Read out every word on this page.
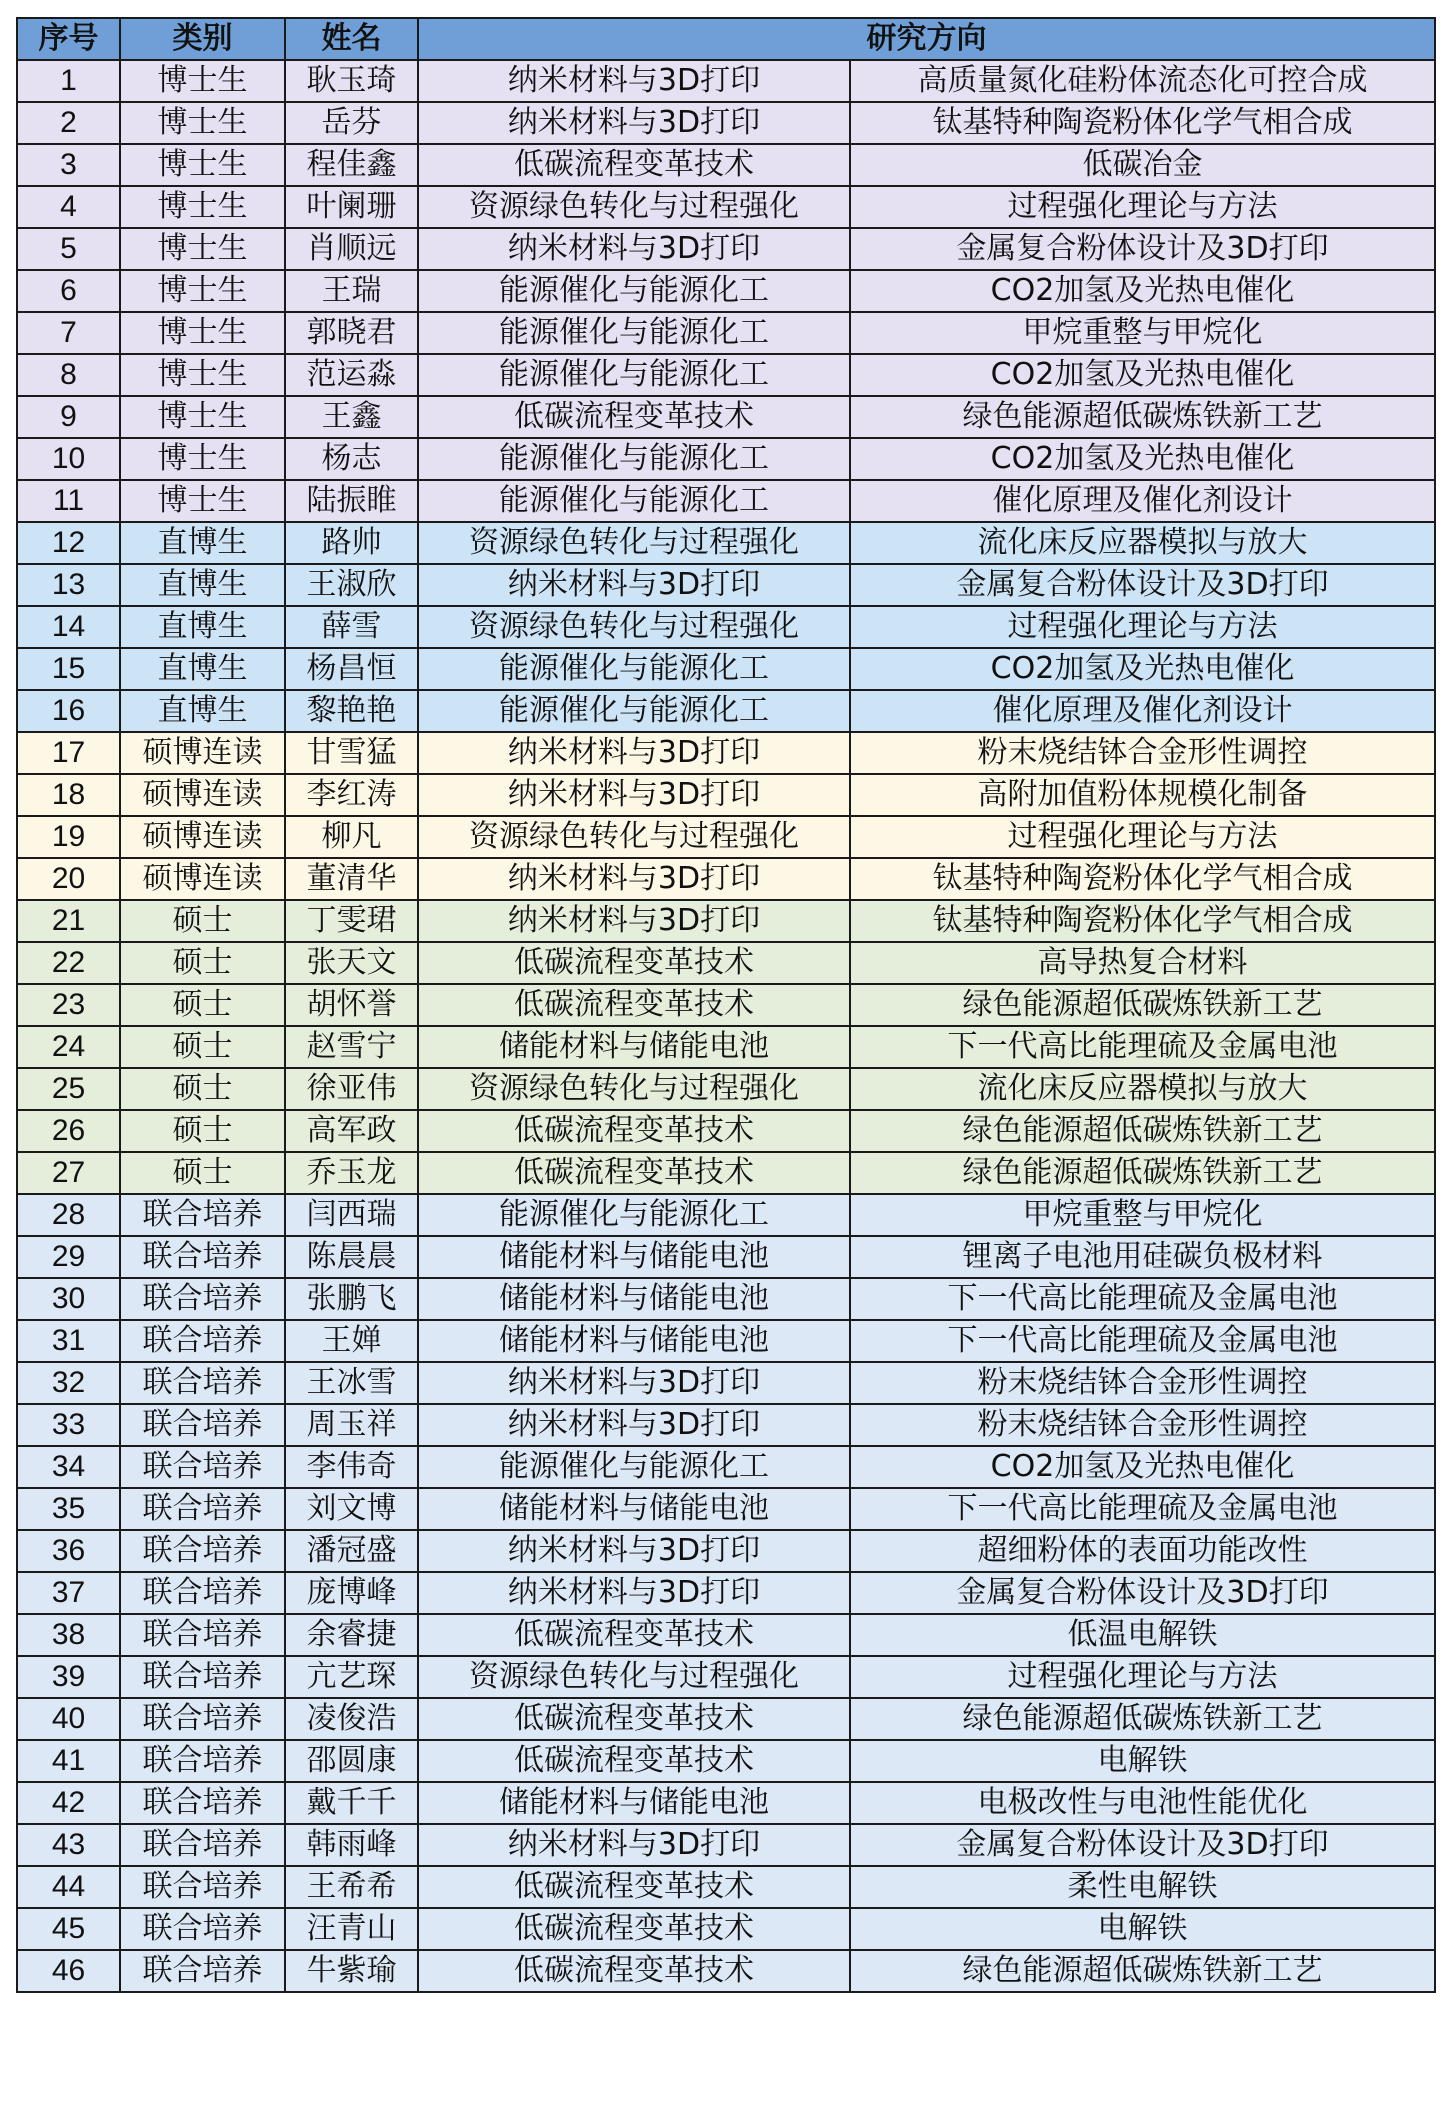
序号	类别	姓名	研究方向	
1	博士生	耿玉琦	纳米材料与3D打印	高质量氮化硅粉体流态化可控合成
2	博士生	岳芬	纳米材料与3D打印	钛基特种陶瓷粉体化学气相合成
3	博士生	程佳鑫	低碳流程变革技术	低碳冶金
4	博士生	叶阑珊	资源绿色转化与过程强化	过程强化理论与方法
5	博士生	肖顺远	纳米材料与3D打印	金属复合粉体设计及3D打印
6	博士生	王瑞	能源催化与能源化工	CO2加氢及光热电催化
7	博士生	郭晓君	能源催化与能源化工	甲烷重整与甲烷化
8	博士生	范运淼	能源催化与能源化工	CO2加氢及光热电催化
9	博士生	王鑫	低碳流程变革技术	绿色能源超低碳炼铁新工艺
10	博士生	杨志	能源催化与能源化工	CO2加氢及光热电催化
11	博士生	陆振睢	能源催化与能源化工	催化原理及催化剂设计
12	直博生	路帅	资源绿色转化与过程强化	流化床反应器模拟与放大
13	直博生	王淑欣	纳米材料与3D打印	金属复合粉体设计及3D打印
14	直博生	薛雪	资源绿色转化与过程强化	过程强化理论与方法
15	直博生	杨昌恒	能源催化与能源化工	CO2加氢及光热电催化
16	直博生	黎艳艳	能源催化与能源化工	催化原理及催化剂设计
17	硕博连读	甘雪猛	纳米材料与3D打印	粉末烧结钵合金形性调控
18	硕博连读	李红涛	纳米材料与3D打印	高附加值粉体规模化制备
19	硕博连读	柳凡	资源绿色转化与过程强化	过程强化理论与方法
20	硕博连读	董清华	纳米材料与3D打印	钛基特种陶瓷粉体化学气相合成
21	硕士	丁雯珺	纳米材料与3D打印	钛基特种陶瓷粉体化学气相合成
22	硕士	张天文	低碳流程变革技术	高导热复合材料
23	硕士	胡怀誉	低碳流程变革技术	绿色能源超低碳炼铁新工艺
24	硕士	赵雪宁	储能材料与储能电池	下一代高比能理硫及金属电池
25	硕士	徐亚伟	资源绿色转化与过程强化	流化床反应器模拟与放大
26	硕士	高军政	低碳流程变革技术	绿色能源超低碳炼铁新工艺
27	硕士	乔玉龙	低碳流程变革技术	绿色能源超低碳炼铁新工艺
28	联合培养	闫西瑞	能源催化与能源化工	甲烷重整与甲烷化
29	联合培养	陈晨晨	储能材料与储能电池	锂离子电池用硅碳负极材料
30	联合培养	张鹏飞	储能材料与储能电池	下一代高比能理硫及金属电池
31	联合培养	王婵	储能材料与储能电池	下一代高比能理硫及金属电池
32	联合培养	王冰雪	纳米材料与3D打印	粉末烧结钵合金形性调控
33	联合培养	周玉祥	纳米材料与3D打印	粉末烧结钵合金形性调控
34	联合培养	李伟奇	能源催化与能源化工	CO2加氢及光热电催化
35	联合培养	刘文博	储能材料与储能电池	下一代高比能理硫及金属电池
36	联合培养	潘冠盛	纳米材料与3D打印	超细粉体的表面功能改性
37	联合培养	庞博峰	纳米材料与3D打印	金属复合粉体设计及3D打印
38	联合培养	余睿捷	低碳流程变革技术	低温电解铁
39	联合培养	亢艺琛	资源绿色转化与过程强化	过程强化理论与方法
40	联合培养	凌俊浩	低碳流程变革技术	绿色能源超低碳炼铁新工艺
41	联合培养	邵圆康	低碳流程变革技术	电解铁
42	联合培养	戴千千	储能材料与储能电池	电极改性与电池性能优化
43	联合培养	韩雨峰	纳米材料与3D打印	金属复合粉体设计及3D打印
44	联合培养	王希希	低碳流程变革技术	柔性电解铁
45	联合培养	汪青山	低碳流程变革技术	电解铁
46	联合培养	牛紫瑜	低碳流程变革技术	绿色能源超低碳炼铁新工艺
